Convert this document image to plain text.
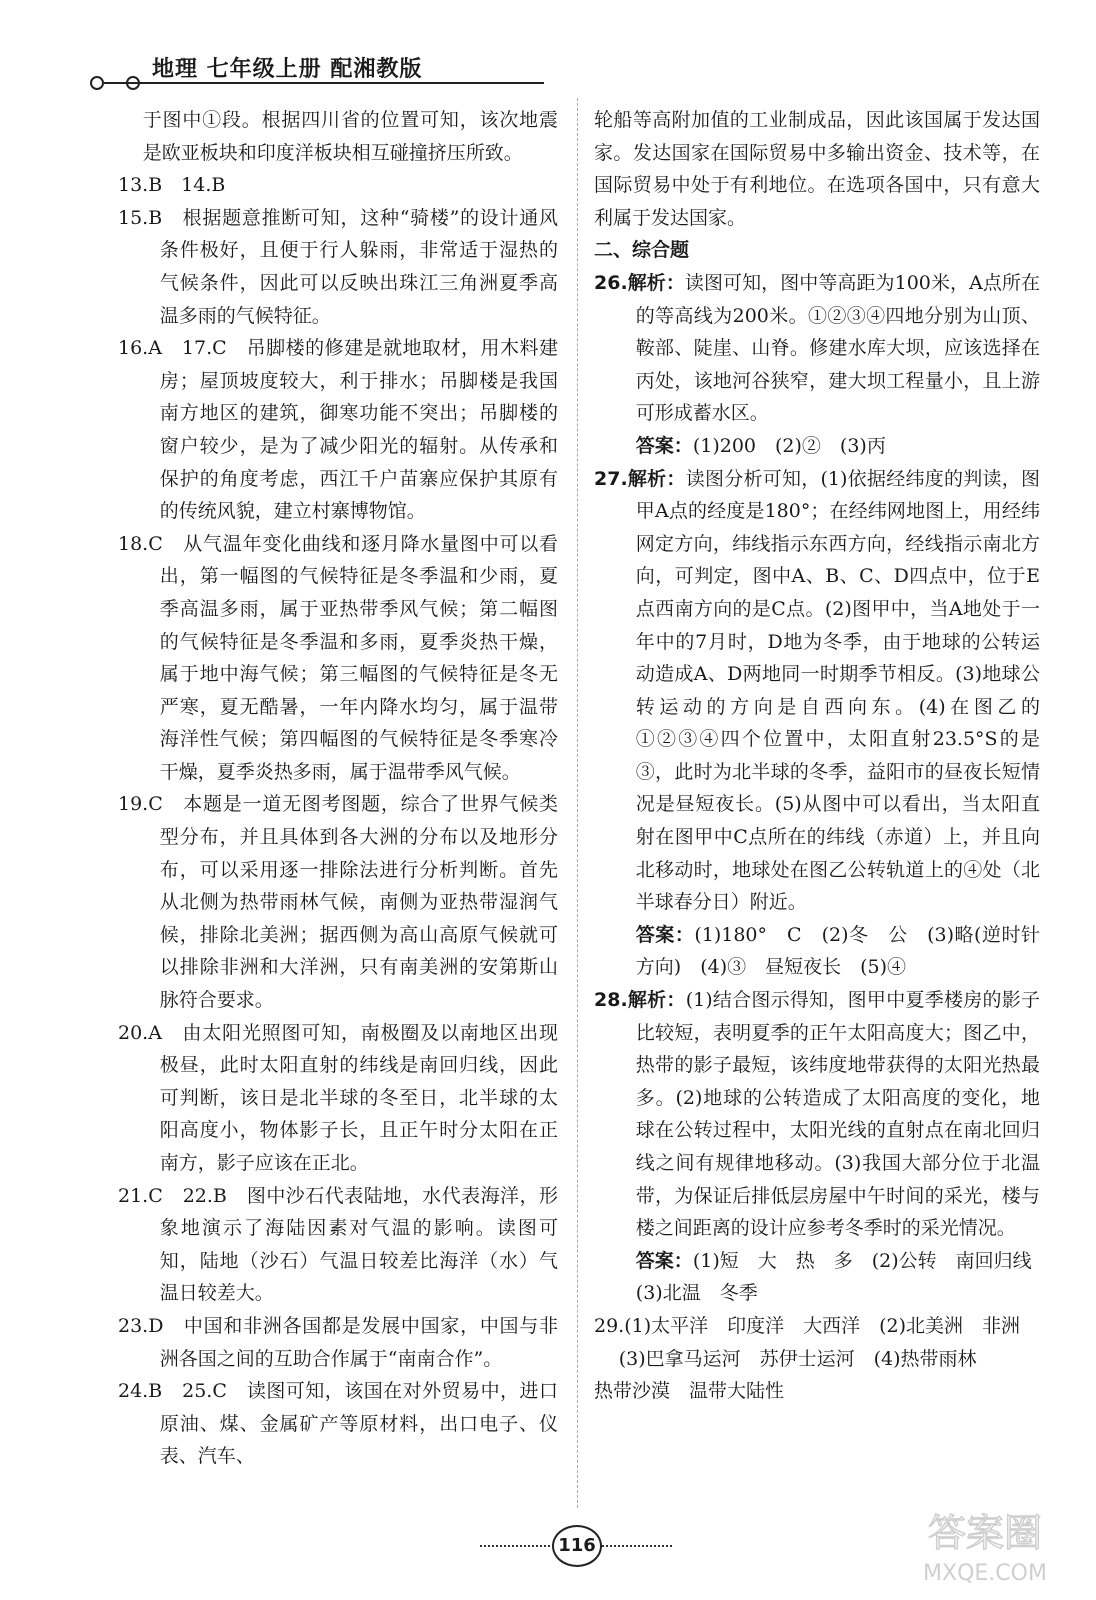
地理 七年级上册 配湘教版

于图中①段。根据四川省的位置可知，该次地震是欧亚板块和印度洋板块相互碰撞挤压所致。

13.B　14.B

15.B　根据题意推断可知，这种“骑楼”的设计通风条件极好，且便于行人躲雨，非常适于湿热的气候条件，因此可以反映出珠江三角洲夏季高温多雨的气候特征。

16.A　17.C　吊脚楼的修建是就地取材，用木料建房；屋顶坡度较大，利于排水；吊脚楼是我国南方地区的建筑，御寒功能不突出；吊脚楼的窗户较少，是为了减少阳光的辐射。从传承和保护的角度考虑，西江千户苗寨应保护其原有的传统风貌，建立村寨博物馆。

18.C　从气温年变化曲线和逐月降水量图中可以看出，第一幅图的气候特征是冬季温和少雨，夏季高温多雨，属于亚热带季风气候；第二幅图的气候特征是冬季温和多雨，夏季炎热干燥，属于地中海气候；第三幅图的气候特征是冬无严寒，夏无酷暑，一年内降水均匀，属于温带海洋性气候；第四幅图的气候特征是冬季寒冷干燥，夏季炎热多雨，属于温带季风气候。

19.C　本题是一道无图考图题，综合了世界气候类型分布，并且具体到各大洲的分布以及地形分布，可以采用逐一排除法进行分析判断。首先从北侧为热带雨林气候，南侧为亚热带湿润气候，排除北美洲；据西侧为高山高原气候就可以排除非洲和大洋洲，只有南美洲的安第斯山脉符合要求。

20.A　由太阳光照图可知，南极圈及以南地区出现极昼，此时太阳直射的纬线是南回归线，因此可判断，该日是北半球的冬至日，北半球的太阳高度小，物体影子长，且正午时分太阳在正南方，影子应该在正北。

21.C　22.B　图中沙石代表陆地，水代表海洋，形象地演示了海陆因素对气温的影响。读图可知，陆地（沙石）气温日较差比海洋（水）气温日较差大。

23.D　中国和非洲各国都是发展中国家，中国与非洲各国之间的互助合作属于“南南合作”。

24.B　25.C　读图可知，该国在对外贸易中，进口原油、煤、金属矿产等原材料，出口电子、仪表、汽车、

轮船等高附加值的工业制成品，因此该国属于发达国家。发达国家在国际贸易中多输出资金、技术等，在国际贸易中处于有利地位。在选项各国中，只有意大利属于发达国家。

二、综合题

26.解析：读图可知，图中等高距为100米，A点所在的等高线为200米。①②③④四地分别为山顶、鞍部、陡崖、山脊。修建水库大坝，应该选择在丙处，该地河谷狭窄，建大坝工程量小，且上游可形成蓄水区。

答案：(1)200　(2)②　(3)丙

27.解析：读图分析可知，(1)依据经纬度的判读，图甲A点的经度是180°；在经纬网地图上，用经纬网定方向，纬线指示东西方向，经线指示南北方向，可判定，图中A、B、C、D四点中，位于E点西南方向的是C点。(2)图甲中，当A地处于一年中的7月时，D地为冬季，由于地球的公转运动造成A、D两地同一时期季节相反。(3)地球公转运动的方向是自西向东。(4)在图乙的①②③④四个位置中，太阳直射23.5°S的是③，此时为北半球的冬季，益阳市的昼夜长短情况是昼短夜长。(5)从图中可以看出，当太阳直射在图甲中C点所在的纬线（赤道）上，并且向北移动时，地球处在图乙公转轨道上的④处（北半球春分日）附近。

答案：(1)180°　C　(2)冬　公　(3)略(逆时针方向)　(4)③　昼短夜长　(5)④

28.解析：(1)结合图示得知，图甲中夏季楼房的影子比较短，表明夏季的正午太阳高度大；图乙中，热带的影子最短，该纬度地带获得的太阳光热最多。(2)地球的公转造成了太阳高度的变化，地球在公转过程中，太阳光线的直射点在南北回归线之间有规律地移动。(3)我国大部分位于北温带，为保证后排低层房屋中午时间的采光，楼与楼之间距离的设计应参考冬季时的采光情况。

答案：(1)短　大　热　多　(2)公转　南回归线

(3)北温　冬季

29.(1)太平洋　印度洋　大西洋　(2)北美洲　非洲

(3)巴拿马运河　苏伊士运河　(4)热带雨林

热带沙漠　温带大陆性

116	答案圈
MXQE.COM
